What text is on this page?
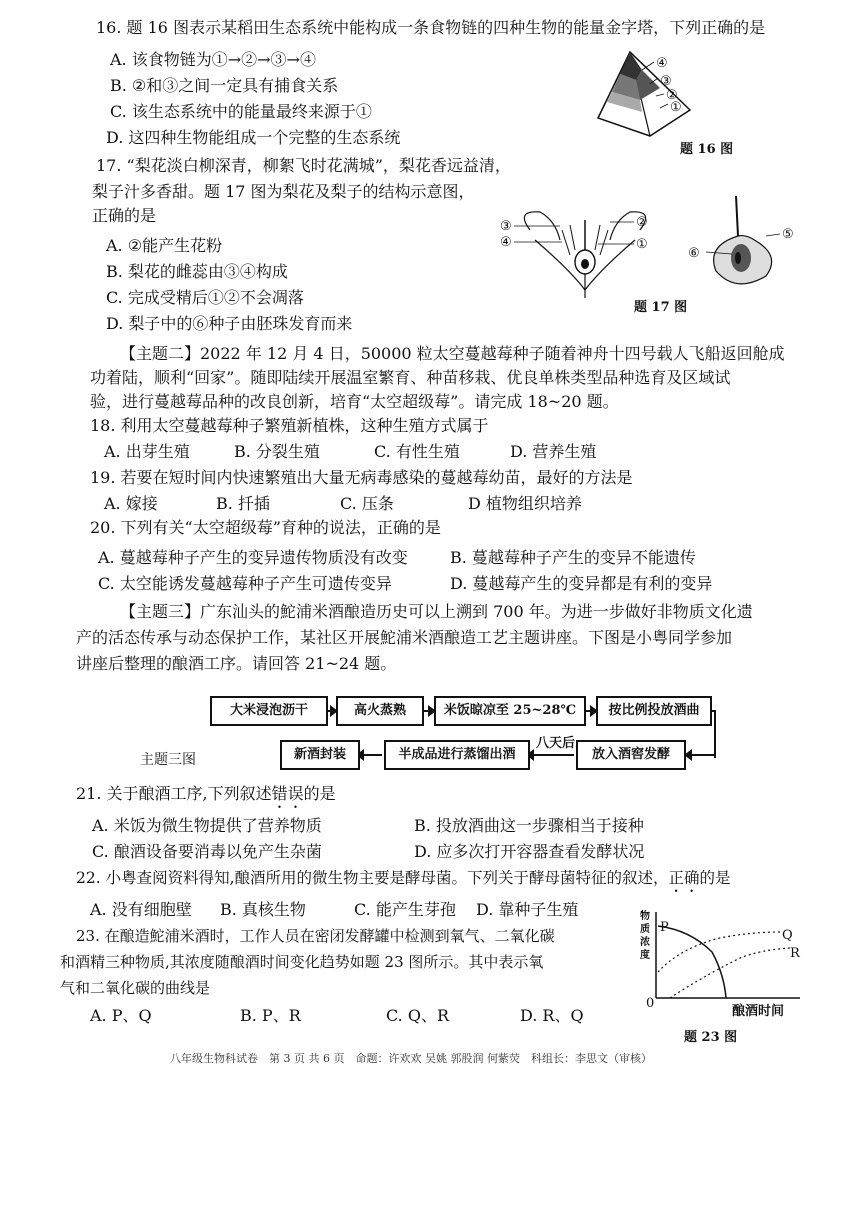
16. 题 16 图表示某稻田生态系统中能构成一条食物链的四种生物的能量金字塔，下列正确的是
A. 该食物链为①→②→③→④
B. ②和③之间一定具有捕食关系
C. 该生态系统中的能量最终来源于①
D. 这四种生物能组成一个完整的生态系统
④
③
②
①
题 16 图
17. “梨花淡白柳深青，柳絮飞时花满城”，梨花香远益清，
梨子汁多香甜。题 17 图为梨花及梨子的结构示意图，
正确的是
A. ②能产生花粉
B. 梨花的雌蕊由③④构成
C. 完成受精后①②不会凋落
D. 梨子中的⑥种子由胚珠发育而来
③
④
②
①
⑤
⑥
题 17 图
【主题二】2022 年 12 月 4 日，50000 粒太空蔓越莓种子随着神舟十四号载人飞船返回舱成
功着陆，顺利“回家”。随即陆续开展温室繁育、种苗移栽、优良单株类型品种选育及区域试
验，进行蔓越莓品种的改良创新，培育“太空超级莓”。请完成 18~20 题。
18. 利用太空蔓越莓种子繁殖新植株，这种生殖方式属于
A. 出芽生殖	B. 分裂生殖	C. 有性生殖	D. 营养生殖
19. 若要在短时间内快速繁殖出大量无病毒感染的蔓越莓幼苗，最好的方法是
A. 嫁接	B. 扦插	C. 压条	D 植物组织培养
20. 下列有关“太空超级莓”育种的说法，正确的是
A. 蔓越莓种子产生的变异遗传物质没有改变	B. 蔓越莓种子产生的变异不能遗传
C. 太空能诱发蔓越莓种子产生可遗传变异	D. 蔓越莓产生的变异都是有利的变异
【主题三】广东汕头的鮀浦米酒酿造历史可以上溯到 700 年。为进一步做好非物质文化遗
产的活态传承与动态保护工作，某社区开展鮀浦米酒酿造工艺主题讲座。下图是小粤同学参加
讲座后整理的酿酒工序。请回答 21~24 题。
大米浸泡沥干	高火蒸熟	米饭晾凉至 25~28℃	按比例投放酒曲
放入酒窖发酵
八天后
半成品进行蒸馏出酒
新酒封装
主题三图
21. 关于酿酒工序,下列叙述错误的是
A. 米饭为微生物提供了营养物质	B. 投放酒曲这一步骤相当于接种
C. 酿酒设备要消毒以免产生杂菌	D. 应多次打开容器查看发酵状况
22. 小粤查阅资料得知,酿酒所用的微生物主要是酵母菌。下列关于酵母菌特征的叙述，正确的是
A. 没有细胞壁 B. 真核生物	C. 能产生芽孢 D. 靠种子生殖
23. 在酿造鮀浦米酒时，工作人员在密闭发酵罐中检测到氧气、二氧化碳
和酒精三种物质,其浓度随酿酒时间变化趋势如题 23 图所示。其中表示氧
气和二氧化碳的曲线是
A. P、Q	B. P、R	C. Q、R	D. R、Q
物质浓度
P
Q
R
0
酿酒时间
题 23 图
八年级生物科试卷　第 3 页 共 6 页　命题：许欢欢 吴姚 郭股润 何紫荧　科组长：李思文（审核）
